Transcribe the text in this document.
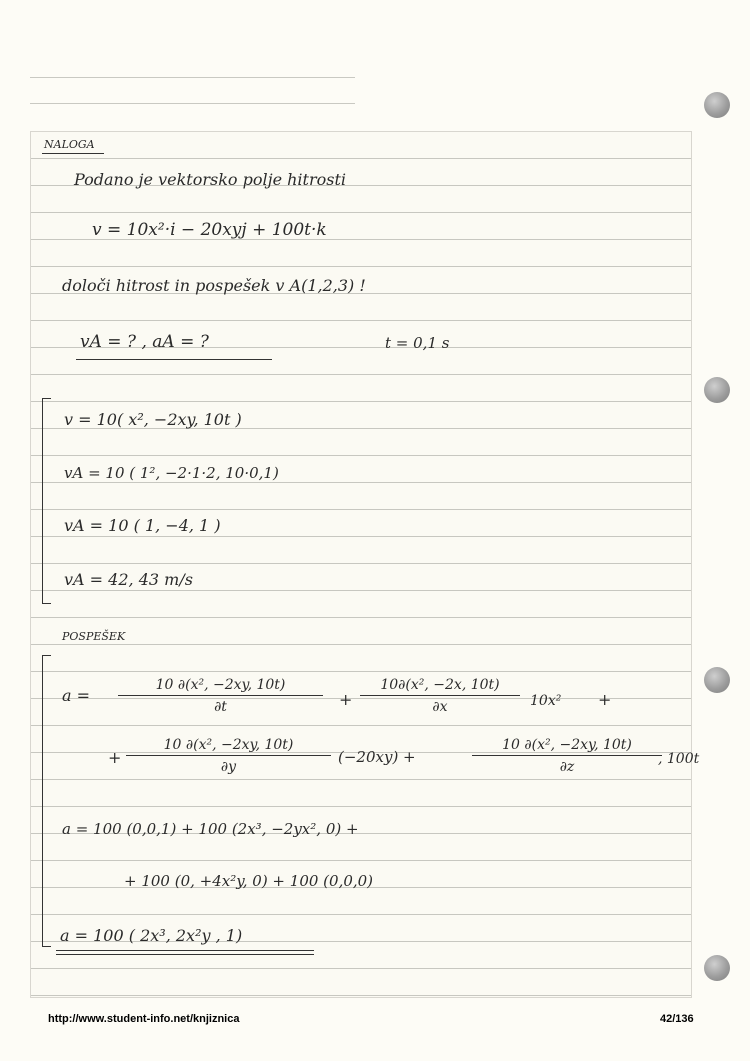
NALOGA
Podano je vektorsko polje hitrosti
v = 10x²·i − 20xyj + 100t·k
določi hitrost in pospešek v A(1,2,3) !
vA = ? , aA = ?	t = 0,1 s
v = 10( x², −2xy, 10t )
vA = 10 ( 1², −2·1·2, 10·0,1)
vA = 10 ( 1, −4, 1 )
vA = 42, 43 m/s
POSPEŠEK
a =
10 ∂(x², −2xy, 10t)
∂t	+
10∂(x², −2x, 10t)
∂x	10x² +
+
10 ∂(x², −2xy, 10t)
∂y
(−20xy) +
10 ∂(x², −2xy, 10t)
∂z	, 100t
a = 100 (0,0,1) + 100 (2x³, −2yx², 0) +
+ 100 (0, +4x²y, 0) + 100 (0,0,0)
a = 100 ( 2x³, 2x²y , 1)
http://www.student-info.net/knjiznica	42/136
